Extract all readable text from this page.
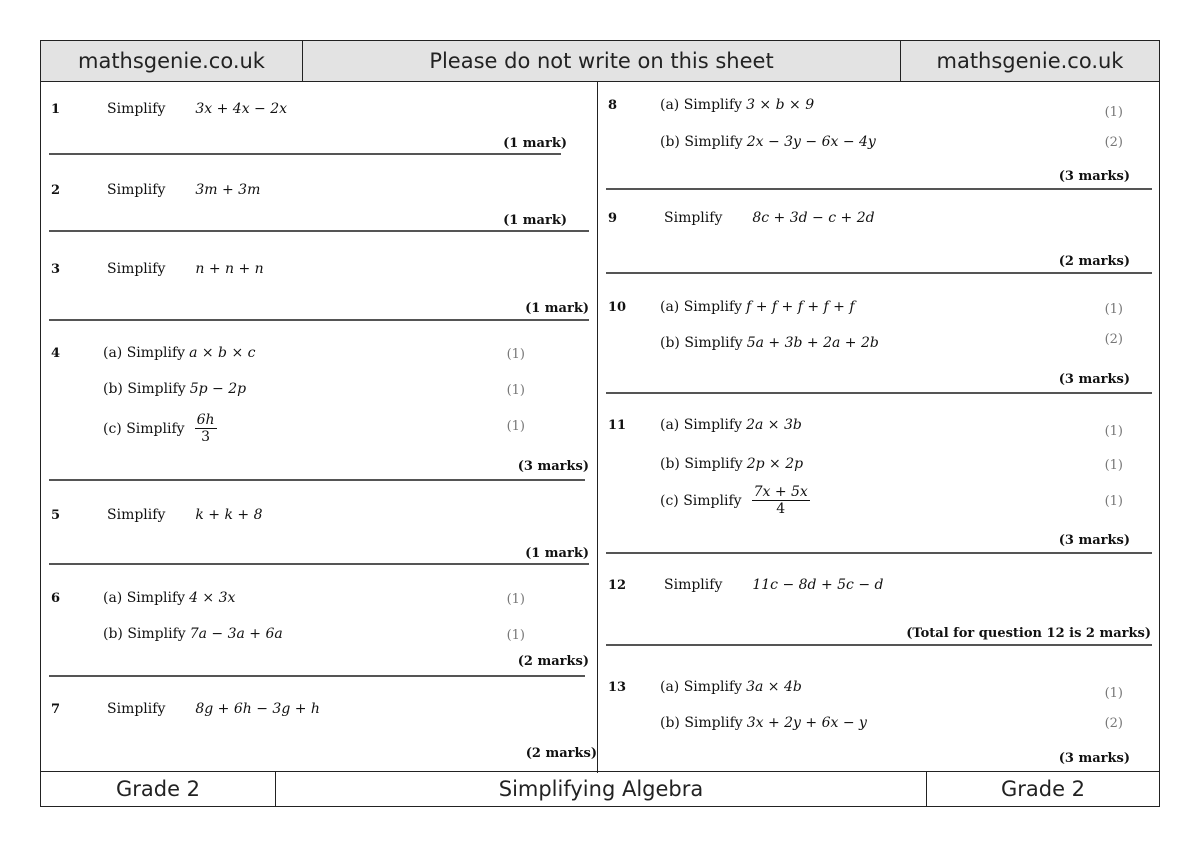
mathsgenie.co.uk	Please do not write on this sheet	mathsgenie.co.uk
1	Simplify 3x + 4x − 2x
(1 mark)
2	Simplify 3m + 3m
(1 mark)
3	Simplify n + n + n
(1 mark)
4	(a) Simplify a × b × c	(1)
(b) Simplify 5p − 2p	(1)
(c) Simplify $\frac{6h}{3}$	(1)
(3 marks)
5	Simplify k + k + 8
(1 mark)
6	(a) Simplify 4 × 3x	(1)
(b) Simplify 7a − 3a + 6a	(1)
(2 marks)
7	Simplify 8g + 6h − 3g + h
(2 marks)
8	(a) Simplify 3 × b × 9	(1)
(b) Simplify 2x − 3y − 6x − 4y	(2)
(3 marks)
9	Simplify 8c + 3d − c + 2d
(2 marks)
10 (a) Simplify f + f + f + f + f	(1)
(b) Simplify 5a + 3b + 2a + 2b	(2)
(3 marks)
11 (a) Simplify 2a × 3b	(1)
(b) Simplify 2p × 2p	(1)
(c) Simplify $\frac{7x + 5x}{4}$	(1)
(3 marks)
12	Simplify 11c − 8d + 5c − d
(Total for question 12 is 2 marks)
13 (a) Simplify 3a × 4b	(1)
(b) Simplify 3x + 2y + 6x − y	(2)
(3 marks)
Grade 2	Simplifying Algebra	Grade 2
